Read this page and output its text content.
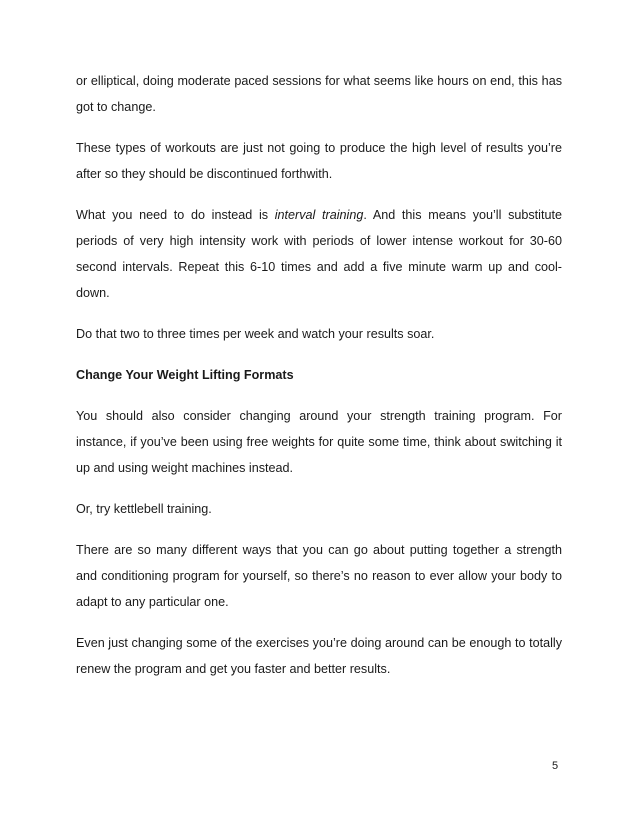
or elliptical, doing moderate paced sessions for what seems like hours on end, this has got to change.

These types of workouts are just not going to produce the high level of results you’re after so they should be discontinued forthwith.

What you need to do instead is interval training. And this means you’ll substitute periods of very high intensity work with periods of lower intense workout for 30-60 second intervals. Repeat this 6-10 times and add a five minute warm up and cool-down.

Do that two to three times per week and watch your results soar.

Change Your Weight Lifting Formats

You should also consider changing around your strength training program. For instance, if you’ve been using free weights for quite some time, think about switching it up and using weight machines instead.

Or, try kettlebell training.

There are so many different ways that you can go about putting together a strength and conditioning program for yourself, so there’s no reason to ever allow your body to adapt to any particular one.

Even just changing some of the exercises you’re doing around can be enough to totally renew the program and get you faster and better results.

5
